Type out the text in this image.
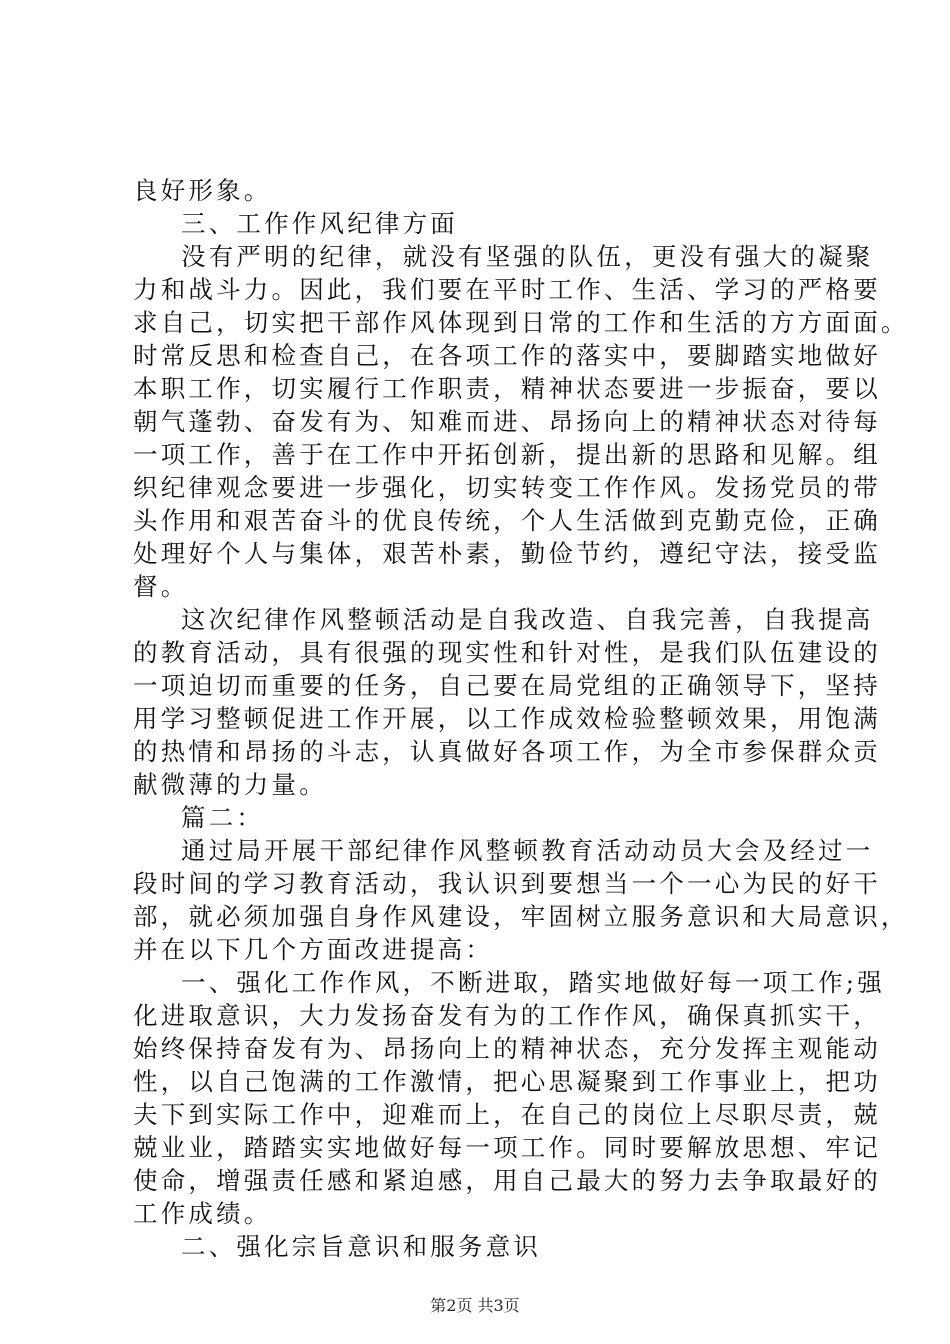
良好形象。
三、工作作风纪律方面
没有严明的纪律，就没有坚强的队伍，更没有强大的凝聚
力和战斗力。因此，我们要在平时工作、生活、学习的严格要
求自己，切实把干部作风体现到日常的工作和生活的方方面面。
时常反思和检查自己，在各项工作的落实中，要脚踏实地做好
本职工作，切实履行工作职责，精神状态要进一步振奋，要以
朝气蓬勃、奋发有为、知难而进、昂扬向上的精神状态对待每
一项工作，善于在工作中开拓创新，提出新的思路和见解。组
织纪律观念要进一步强化，切实转变工作作风。发扬党员的带
头作用和艰苦奋斗的优良传统，个人生活做到克勤克俭，正确
处理好个人与集体，艰苦朴素，勤俭节约，遵纪守法，接受监
督。
这次纪律作风整顿活动是自我改造、自我完善，自我提高
的教育活动，具有很强的现实性和针对性，是我们队伍建设的
一项迫切而重要的任务，自己要在局党组的正确领导下，坚持
用学习整顿促进工作开展，以工作成效检验整顿效果，用饱满
的热情和昂扬的斗志，认真做好各项工作，为全市参保群众贡
献微薄的力量。
篇二：
通过局开展干部纪律作风整顿教育活动动员大会及经过一
段时间的学习教育活动，我认识到要想当一个一心为民的好干
部，就必须加强自身作风建设，牢固树立服务意识和大局意识，
并在以下几个方面改进提高：
一、强化工作作风，不断进取，踏实地做好每一项工作;强
化进取意识，大力发扬奋发有为的工作作风，确保真抓实干，
始终保持奋发有为、昂扬向上的精神状态，充分发挥主观能动
性，以自己饱满的工作激情，把心思凝聚到工作事业上，把功
夫下到实际工作中，迎难而上，在自己的岗位上尽职尽责，兢
兢业业，踏踏实实地做好每一项工作。同时要解放思想、牢记
使命，增强责任感和紧迫感，用自己最大的努力去争取最好的
工作成绩。
二、强化宗旨意识和服务意识
第2页 共3页
